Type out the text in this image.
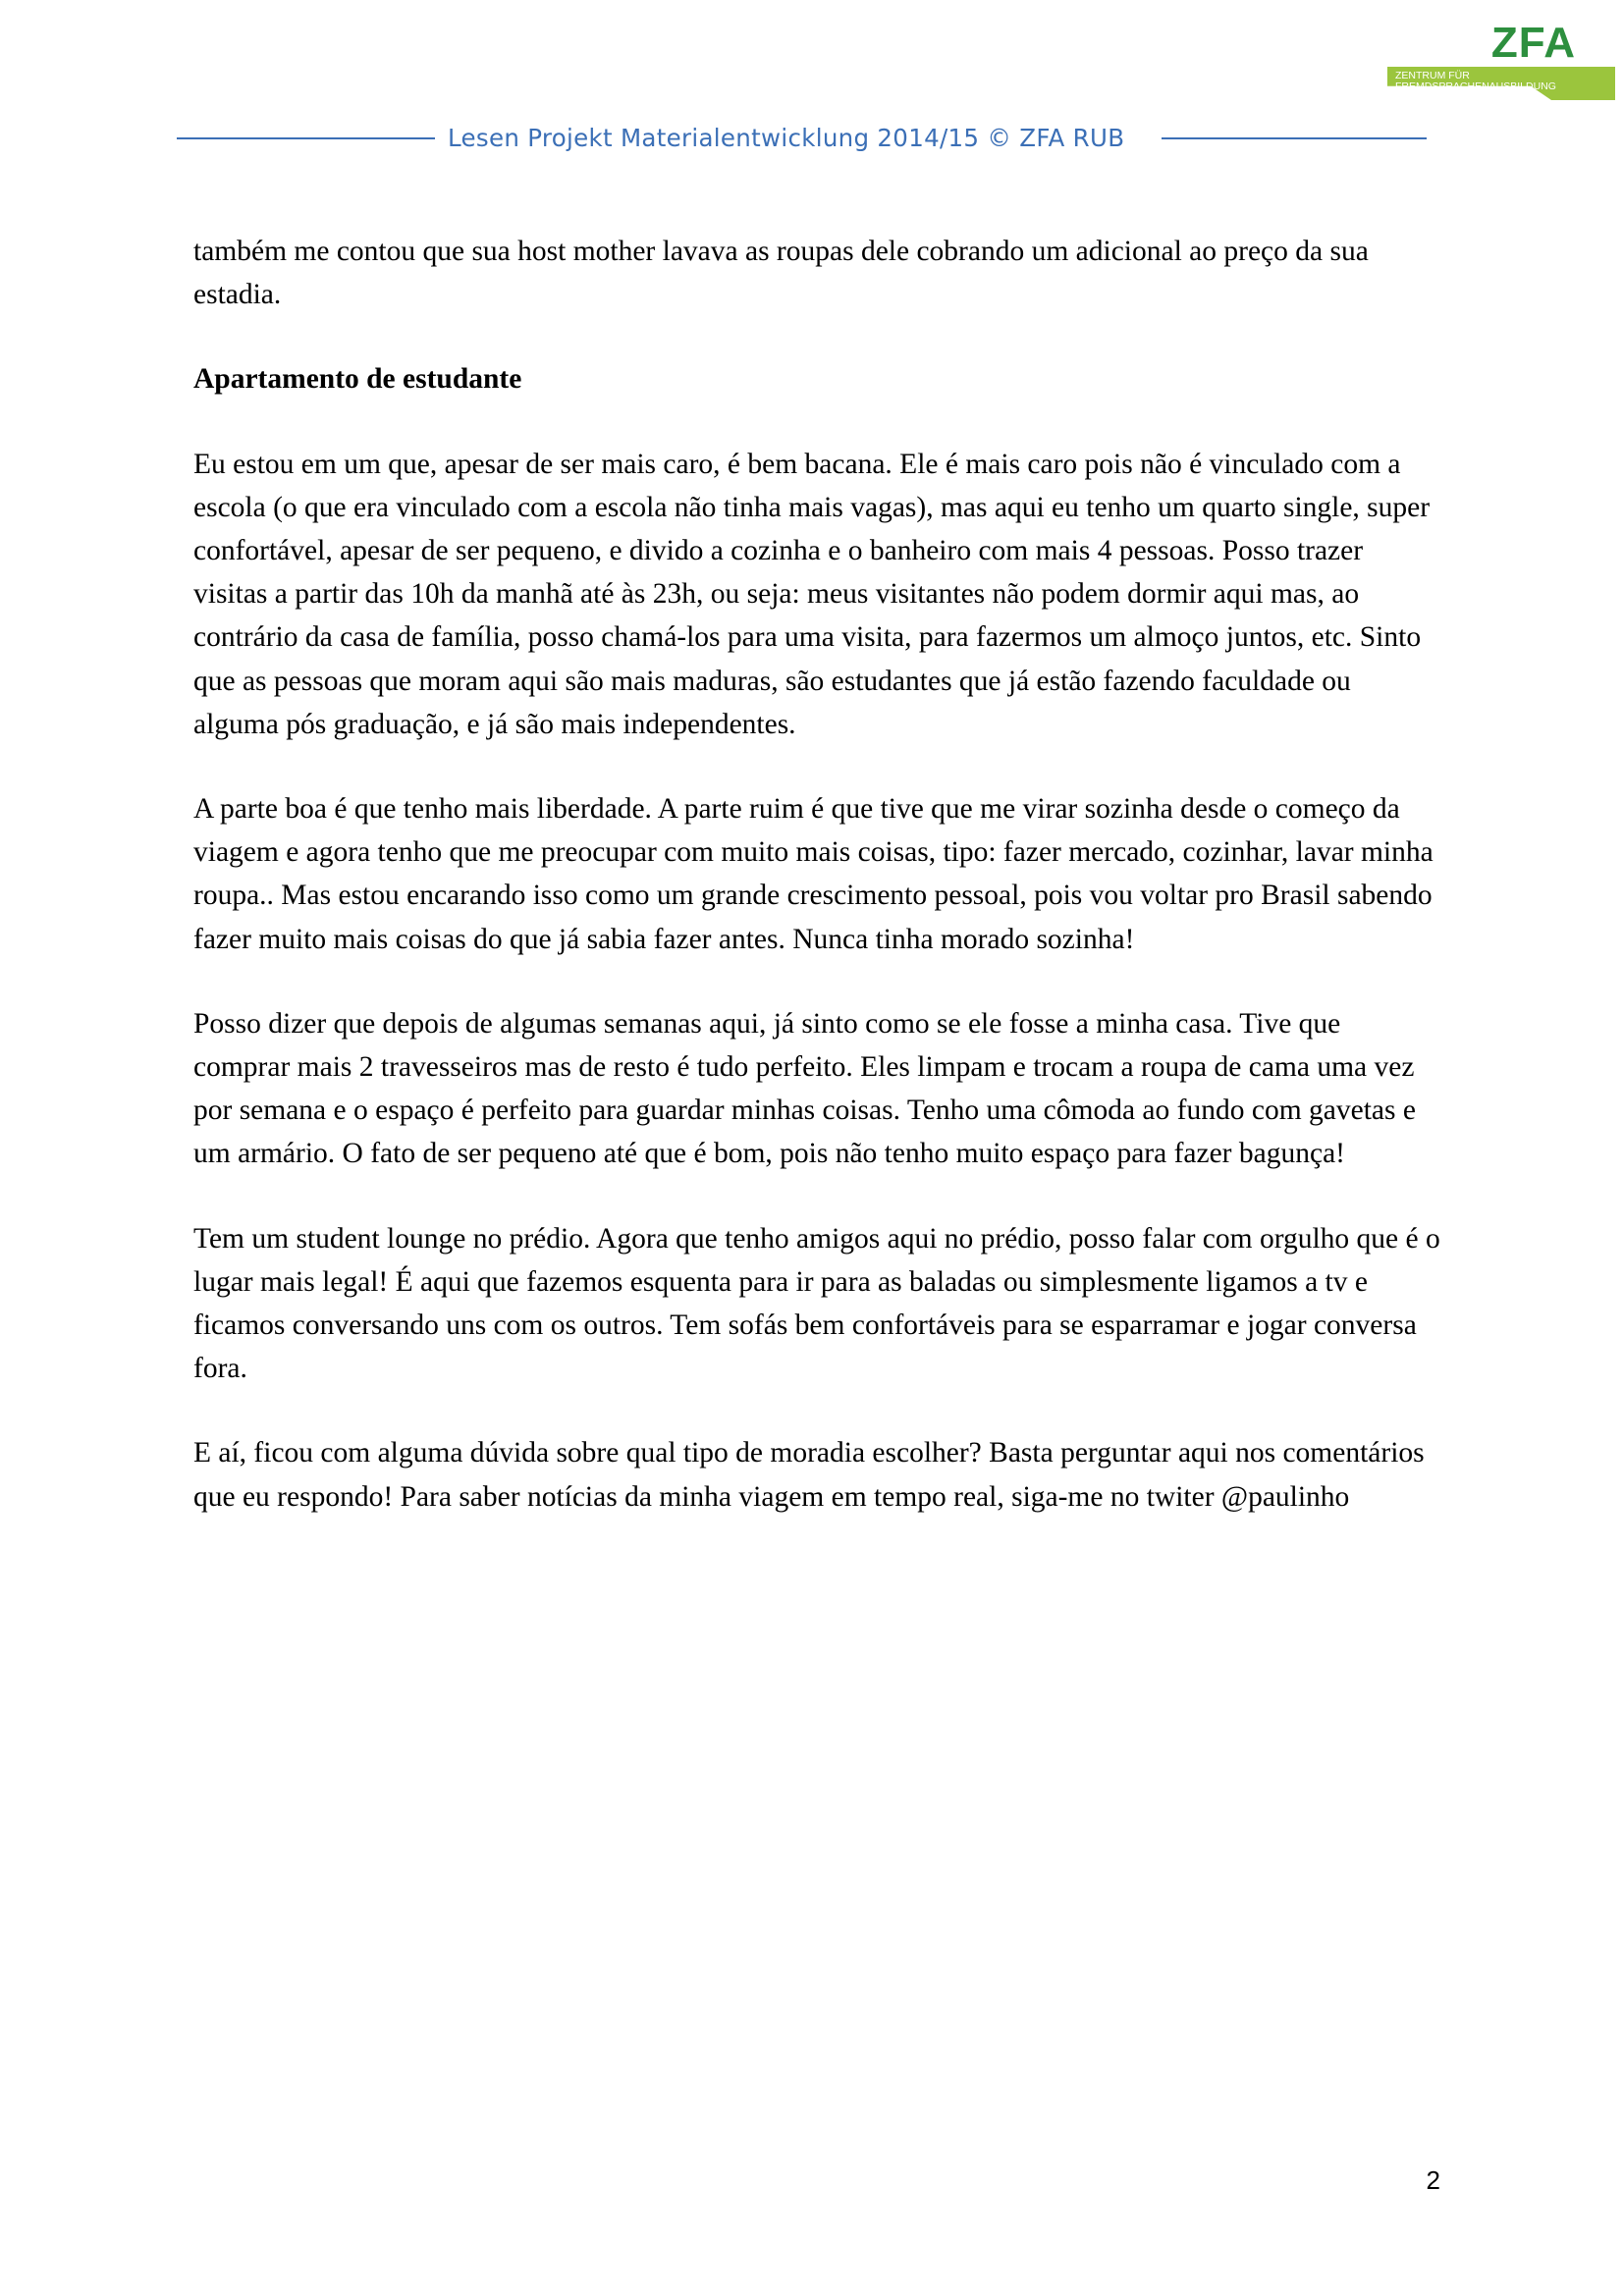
ZFA
ZENTRUM FÜR
FREMDSPRACHENAUSBILDUNG
Lesen Projekt Materialentwicklung 2014/15 © ZFA RUB

também me contou que sua host mother lavava as roupas dele cobrando um adicional ao preço da sua estadia.

Apartamento de estudante

Eu estou em um que, apesar de ser mais caro, é bem bacana. Ele é mais caro pois não é vinculado com a escola (o que era vinculado com a escola não tinha mais vagas), mas aqui eu tenho um quarto single, super confortável, apesar de ser pequeno, e divido a cozinha e o banheiro com mais 4 pessoas. Posso trazer visitas a partir das 10h da manhã até às 23h, ou seja: meus visitantes não podem dormir aqui mas, ao contrário da casa de família, posso chamá-los para uma visita, para fazermos um almoço juntos, etc. Sinto que as pessoas que moram aqui são mais maduras, são estudantes que já estão fazendo faculdade ou alguma pós graduação, e já são mais independentes.

A parte boa é que tenho mais liberdade. A parte ruim é que tive que me virar sozinha desde o começo da viagem e agora tenho que me preocupar com muito mais coisas, tipo: fazer mercado, cozinhar, lavar minha roupa.. Mas estou encarando isso como um grande crescimento pessoal, pois vou voltar pro Brasil sabendo fazer muito mais coisas do que já sabia fazer antes. Nunca tinha morado sozinha!

Posso dizer que depois de algumas semanas aqui, já sinto como se ele fosse a minha casa. Tive que comprar mais 2 travesseiros mas de resto é tudo perfeito. Eles limpam e trocam a roupa de cama uma vez por semana e o espaço é perfeito para guardar minhas coisas. Tenho uma cômoda ao fundo com gavetas e um armário. O fato de ser pequeno até que é bom, pois não tenho muito espaço para fazer bagunça!

Tem um student lounge no prédio. Agora que tenho amigos aqui no prédio, posso falar com orgulho que é o lugar mais legal! É aqui que fazemos esquenta para ir para as baladas ou simplesmente ligamos a tv e ficamos conversando uns com os outros. Tem sofás bem confortáveis para se esparramar e jogar conversa fora.

E aí, ficou com alguma dúvida sobre qual tipo de moradia escolher? Basta perguntar aqui nos comentários que eu respondo! Para saber notícias da minha viagem em tempo real, siga-me no twiter @paulinho

2
